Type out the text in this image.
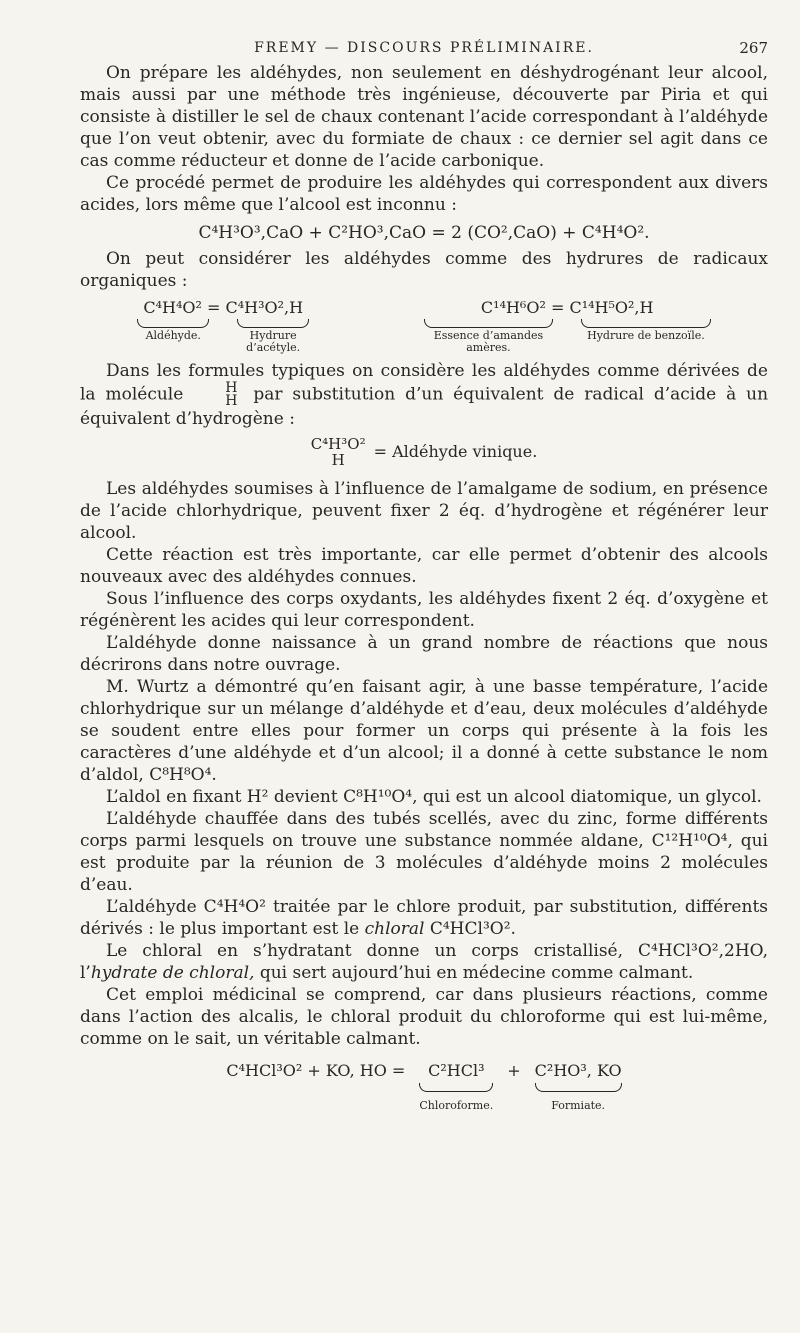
FREMY — DISCOURS PRÉLIMINAIRE.	267

On prépare les aldéhydes, non seulement en déshydrogénant leur alcool, mais aussi par une méthode très ingénieuse, découverte par Piria et qui consiste à distiller le sel de chaux contenant l’acide correspondant à l’aldéhyde que l’on veut obtenir, avec du formiate de chaux : ce dernier sel agit dans ce cas comme réducteur et donne de l’acide carbonique.

Ce procédé permet de produire les aldéhydes qui correspondent aux divers acides, lors même que l’alcool est inconnu :

C⁴H³O³,CaO + C²HO³,CaO = 2 (CO²,CaO) + C⁴H⁴O².

On peut considérer les aldéhydes comme des hydrures de radicaux organiques :

C⁴H⁴O² = C⁴H³O²,H
Aldéhyde.	Hydrure d’acétyle.
C¹⁴H⁶O² = C¹⁴H⁵O²,H
Essence d’amandes amères.
Hydrure de benzoïle.

Dans les formules typiques on considère les aldéhydes comme dérivées de la molécule	H
H par substitution d’un équivalent de radical d’acide à un équivalent d’hydrogène :

C⁴H³O²
H	= Aldéhyde vinique.

Les aldéhydes soumises à l’influence de l’amalgame de sodium, en présence de l’acide chlorhydrique, peuvent fixer 2 éq. d’hydrogène et régénérer leur alcool.

Cette réaction est très importante, car elle permet d’obtenir des alcools nouveaux avec des aldéhydes connues.

Sous l’influence des corps oxydants, les aldéhydes fixent 2 éq. d’oxygène et régénèrent les acides qui leur correspondent.

L’aldéhyde donne naissance à un grand nombre de réactions que nous décrirons dans notre ouvrage.

M. Wurtz a démontré qu’en faisant agir, à une basse température, l’acide chlorhydrique sur un mélange d’aldéhyde et d’eau, deux molécules d’aldéhyde se soudent entre elles pour former un corps qui présente à la fois les caractères d’une aldéhyde et d’un alcool; il a donné à cette substance le nom d’aldol, C⁸H⁸O⁴.

L’aldol en fixant H² devient C⁸H¹⁰O⁴, qui est un alcool diatomique, un glycol.

L’aldéhyde chauffée dans des tubés scellés, avec du zinc, forme différents corps parmi lesquels on trouve une substance nommée aldane, C¹²H¹⁰O⁴, qui est produite par la réunion de 3 molécules d’aldéhyde moins 2 molécules d’eau.

L’aldéhyde C⁴H⁴O² traitée par le chlore produit, par substitution, différents dérivés : le plus important est le chloral C⁴HCl³O².

Le chloral en s’hydratant donne un corps cristallisé, C⁴HCl³O²,2HO, l’hydrate de chloral, qui sert aujourd’hui en médecine comme calmant.

Cet emploi médicinal se comprend, car dans plusieurs réactions, comme dans l’action des alcalis, le chloral produit du chloroforme qui est lui-même, comme on le sait, un véritable calmant.

C⁴HCl³O² + KO, HO =	C²HCl³
Chloroforme.
+ C²HO³, KO
Formiate.
